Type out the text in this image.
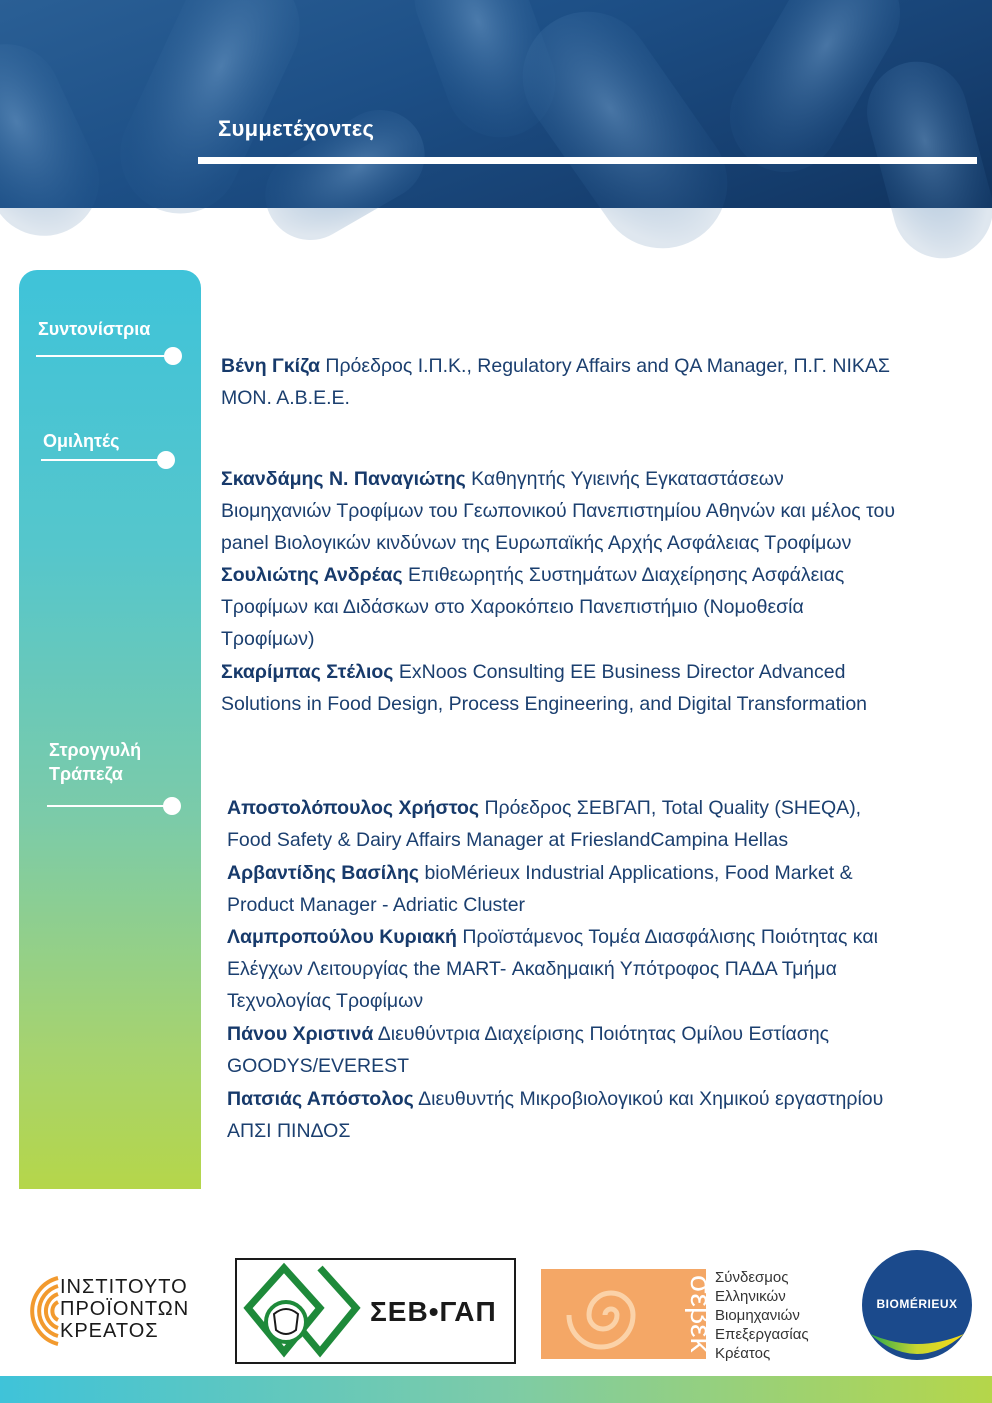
Συμμετέχοντες
Συντονίστρια
Ομιλητές
Στρογγυλή
Τράπεζα
Βένη Γκίζα Πρόεδρος Ι.Π.Κ., Regulatory Affairs and QA Manager, Π.Γ. ΝΙΚΑΣ
ΜΟΝ. Α.Β.Ε.Ε.
Σκανδάμης Ν. Παναγιώτης Καθηγητής Υγιεινής Εγκαταστάσεων
Βιομηχανιών Τροφίμων του Γεωπονικού Πανεπιστημίου Αθηνών και μέλος του
panel Βιολογικών κινδύνων της Ευρωπαϊκής Αρχής Ασφάλειας Τροφίμων
Σουλιώτης Ανδρέας Επιθεωρητής Συστημάτων Διαχείρησης Ασφάλειας
Τροφίμων και Διδάσκων στο Χαροκόπειο Πανεπιστήμιο (Νομοθεσία
Τροφίμων)
Σκαρίμπας Στέλιος ExNoos Consulting EE Business Director Advanced
Solutions in Food Design, Process Engineering, and Digital Transformation
Αποστολόπουλος Χρήστος Πρόεδρος ΣΕΒΓΑΠ, Total Quality (SHEQA),
Food Safety & Dairy Affairs Manager at FrieslandCampina Hellas
Αρβαντίδης Βασίλης bioMérieux Industrial Applications, Food Market &
Product Manager - Adriatic Cluster
Λαμπροπούλου Κυριακή Προϊστάμενος Τομέα Διασφάλισης Ποιότητας και
Ελέγχων Λειτουργίας the MART- Ακαδημαική Υπότροφος ΠΑΔΑ Τμήμα
Τεχνολογίας Τροφίμων
Πάνου Χριστινά Διευθύντρια Διαχείρισης Ποιότητας Ομίλου Εστίασης
GOODYS/EVEREST
Πατσιάς Απόστολος Διευθυντής Μικροβιολογικού και Χημικού εργαστηρίου
ΑΠΣΙ ΠΙΝΔΟΣ
ΙΝΣΤΙΤΟΥΤΟ
ΠΡΟΪΟΝΤΩΝ
ΚΡΕΑΤΟΣ
ΣΕΒ•ΓΑΠ	σεβεκ
Σύνδεσμος
Ελληνικών
Βιομηχανιών
Επεξεργασίας
Κρέατος
BIOMÉRIEUX
